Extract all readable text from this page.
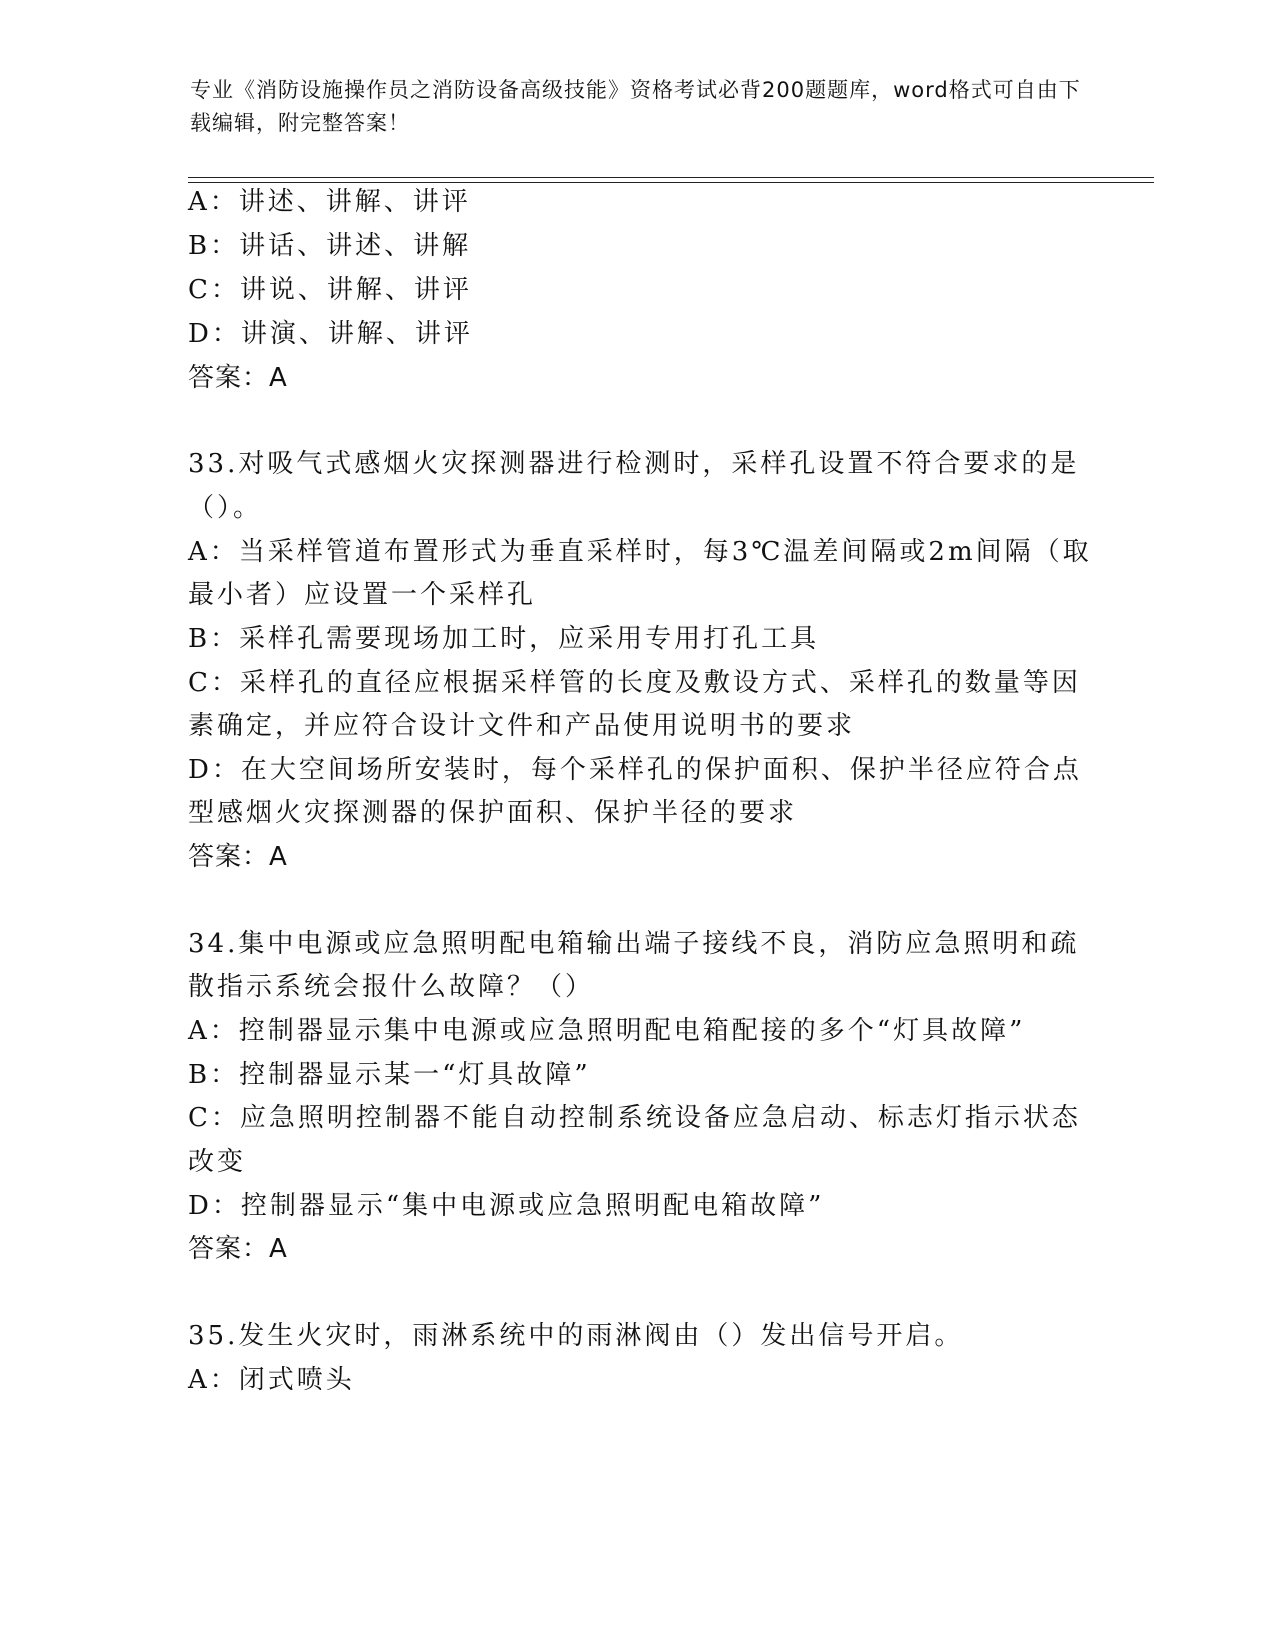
专业《消防设施操作员之消防设备高级技能》资格考试必背200题题库，word格式可自由下载编辑，附完整答案！

A：讲述、讲解、讲评

B：讲话、讲述、讲解

C：讲说、讲解、讲评

D：讲演、讲解、讲评

答案：A

33.对吸气式感烟火灾探测器进行检测时，采样孔设置不符合要求的是

（）。

A：当采样管道布置形式为垂直采样时，每3℃温差间隔或2m间隔（取

最小者）应设置一个采样孔

B：采样孔需要现场加工时，应采用专用打孔工具

C：采样孔的直径应根据采样管的长度及敷设方式、采样孔的数量等因

素确定，并应符合设计文件和产品使用说明书的要求

D：在大空间场所安装时，每个采样孔的保护面积、保护半径应符合点

型感烟火灾探测器的保护面积、保护半径的要求

答案：A

34.集中电源或应急照明配电箱输出端子接线不良，消防应急照明和疏

散指示系统会报什么故障？（）

A：控制器显示集中电源或应急照明配电箱配接的多个“灯具故障”

B：控制器显示某一“灯具故障”

C：应急照明控制器不能自动控制系统设备应急启动、标志灯指示状态

改变

D：控制器显示“集中电源或应急照明配电箱故障”

答案：A

35.发生火灾时，雨淋系统中的雨淋阀由（）发出信号开启。

A：闭式喷头
